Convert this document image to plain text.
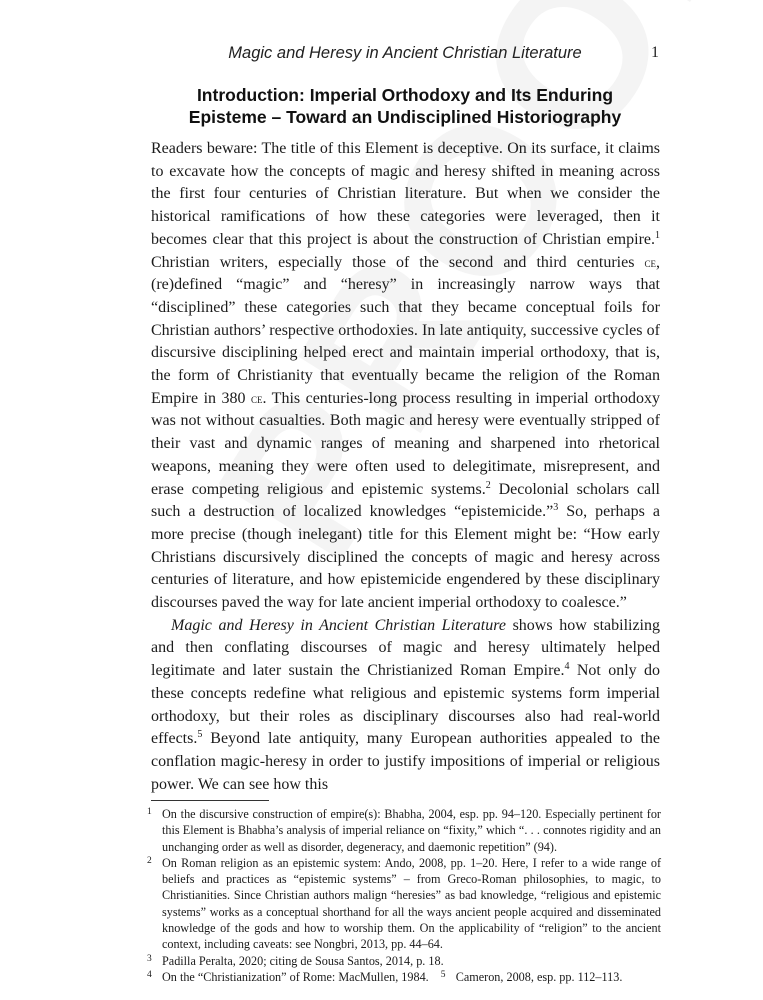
Magic and Heresy in Ancient Christian Literature	1
Introduction: Imperial Orthodoxy and Its Enduring
Episteme – Toward an Undisciplined Historiography

Readers beware: The title of this Element is deceptive. On its surface, it claims to excavate how the concepts of magic and heresy shifted in meaning across the first four centuries of Christian literature. But when we consider the historical ramifications of how these categories were leveraged, then it becomes clear that this project is about the construction of Christian empire.$^1$ Christian writers, especially those of the second and third centuries ce, (re)defined “magic” and “heresy” in increasingly narrow ways that “disciplined” these categories such that they became conceptual foils for Christian authors’ respective orthodoxies. In late antiquity, successive cycles of discursive disciplining helped erect and maintain imperial orthodoxy, that is, the form of Christianity that eventually became the religion of the Roman Empire in 380 ce. This centuries-long process resulting in imperial orthodoxy was not without casualties. Both magic and heresy were eventually stripped of their vast and dynamic ranges of meaning and sharpened into rhetorical weapons, meaning they were often used to delegitimate, misrepresent, and erase competing religious and epistemic systems.$^2$ Decolonial scholars call such a destruction of localized knowledges “epistemicide.”$^3$ So, perhaps a more precise (though inelegant) title for this Element might be: “How early Christians discursively disciplined the concepts of magic and heresy across centuries of literature, and how epistemicide engendered by these disciplinary discourses paved the way for late ancient imperial orthodoxy to coalesce.”

Magic and Heresy in Ancient Christian Literature shows how stabilizing and then conflating discourses of magic and heresy ultimately helped legitimate and later sustain the Christianized Roman Empire.$^4$ Not only do these concepts redefine what religious and epistemic systems form imperial orthodoxy, but their roles as disciplinary discourses also had real-world effects.$^5$ Beyond late antiquity, many European authorities appealed to the conflation magic-heresy in order to justify impositions of imperial or religious power. We can see how this

1 On the discursive construction of empire(s): Bhabha, 2004, esp. pp. 94–120. Especially pertinent for this Element is Bhabha’s analysis of imperial reliance on “fixity,” which “. . . connotes rigidity and an unchanging order as well as disorder, degeneracy, and daemonic repetition” (94).

2 On Roman religion as an epistemic system: Ando, 2008, pp. 1–20. Here, I refer to a wide range of beliefs and practices as “epistemic systems” – from Greco-Roman philosophies, to magic, to Christianities. Since Christian authors malign “heresies” as bad knowledge, “religious and epistemic systems” works as a conceptual shorthand for all the ways ancient people acquired and disseminated knowledge of the gods and how to worship them. On the applicability of “religion” to the ancient context, including caveats: see Nongbri, 2013, pp. 44–64.

3 Padilla Peralta, 2020; citing de Sousa Santos, 2014, p. 18.

4 On the “Christianization” of Rome: MacMullen, 1984. 5 Cameron, 2008, esp. pp. 112–113.
